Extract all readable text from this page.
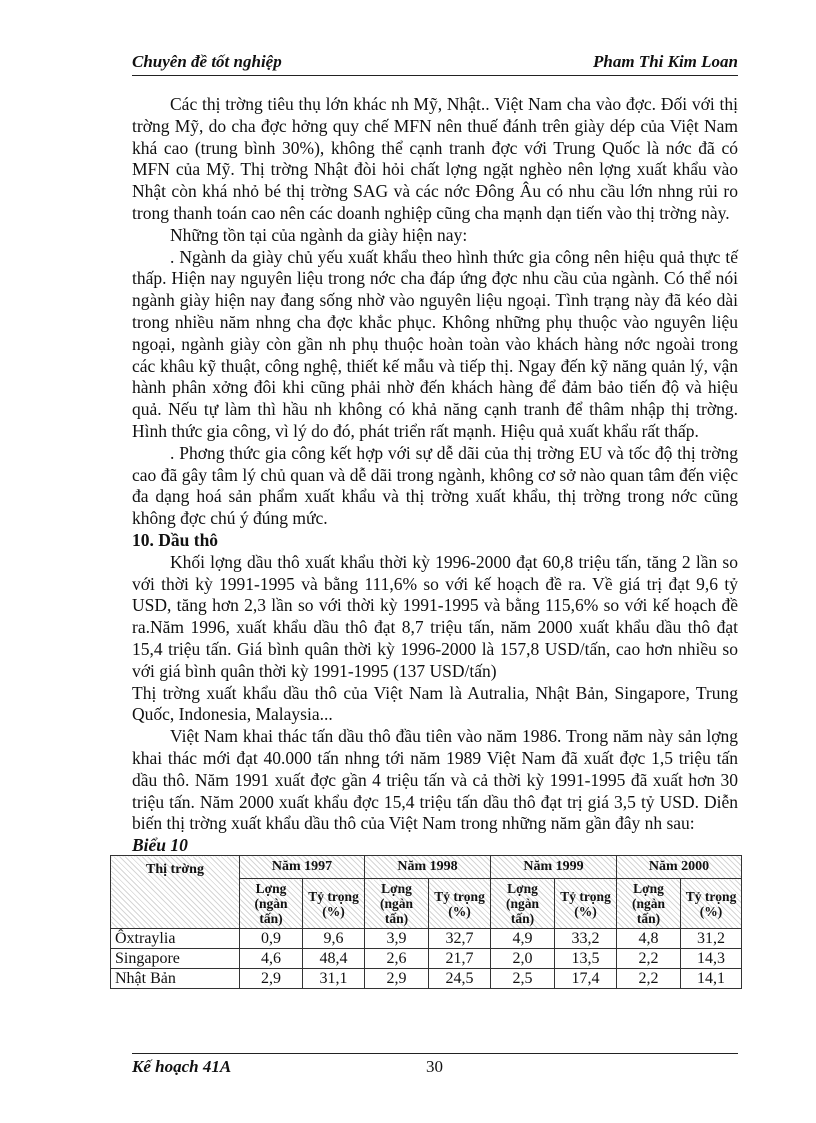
Chuyên đề tốt nghiệp	Pham Thi Kim Loan

Các thị trờng tiêu thụ lớn khác nh Mỹ, Nhật.. Việt Nam cha vào đợc. Đối với thị trờng Mỹ, do cha đợc hởng quy chế MFN nên thuế đánh trên giày dép của Việt Nam khá cao (trung bình 30%), không thể cạnh tranh đợc với Trung Quốc là nớc đã có MFN của Mỹ. Thị trờng Nhật đòi hỏi chất lợng ngặt nghèo nên lợng xuất khẩu vào Nhật còn khá nhỏ bé thị trờng SAG và các nớc Đông Âu có nhu cầu lớn nhng rủi ro trong thanh toán cao nên các doanh nghiệp cũng cha mạnh dạn tiến vào thị trờng này.

Những tồn tại của ngành da giày hiện nay:

. Ngành da giày chủ yếu xuất khẩu theo hình thức gia công nên hiệu quả thực tế thấp. Hiện nay nguyên liệu trong nớc cha đáp ứng đợc nhu cầu của ngành. Có thể nói ngành giày hiện nay đang sống nhờ vào nguyên liệu ngoại. Tình trạng này đã kéo dài trong nhiều năm nhng cha đợc khắc phục. Không những phụ thuộc vào nguyên liệu ngoại, ngành giày còn gần nh phụ thuộc hoàn toàn vào khách hàng nớc ngoài trong các khâu kỹ thuật, công nghệ, thiết kế mẫu và tiếp thị. Ngay đến kỹ năng quản lý, vận hành phân xởng đôi khi cũng phải nhờ đến khách hàng để đảm bảo tiến độ và hiệu quả. Nếu tự làm thì hầu nh không có khả năng cạnh tranh để thâm nhập thị trờng. Hình thức gia công, vì lý do đó, phát triển rất mạnh. Hiệu quả xuất khẩu rất thấp.

. Phơng thức gia công kết hợp với sự dễ dãi của thị trờng EU và tốc độ thị trờng cao đã gây tâm lý chủ quan và dễ dãi trong ngành, không cơ sở nào quan tâm đến việc đa dạng hoá sản phẩm xuất khẩu và thị trờng xuất khẩu, thị trờng trong nớc cũng không đợc chú ý đúng mức.

10. Dầu thô

Khối lợng dầu thô xuất khẩu thời kỳ 1996-2000 đạt 60,8 triệu tấn, tăng 2 lần so với thời kỳ 1991-1995 và bằng 111,6% so với kế hoạch đề ra. Về giá trị đạt 9,6 tỷ USD, tăng hơn 2,3 lần so với thời kỳ 1991-1995 và bằng 115,6% so với kế hoạch đề ra.Năm 1996, xuất khẩu dầu thô đạt 8,7 triệu tấn, năm 2000 xuất khẩu dầu thô đạt 15,4 triệu tấn. Giá bình quân thời kỳ 1996-2000 là 157,8 USD/tấn, cao hơn nhiều so với giá bình quân thời kỳ 1991-1995 (137 USD/tấn)

Thị trờng xuất khẩu dầu thô của Việt Nam là Autralia, Nhật Bản, Singapore, Trung Quốc, Indonesia, Malaysia...

Việt Nam khai thác tấn dầu thô đầu tiên vào năm 1986. Trong năm này sản lợng khai thác mới đạt 40.000 tấn nhng tới năm 1989 Việt Nam đã xuất đợc 1,5 triệu tấn dầu thô. Năm 1991 xuất đợc gần 4 triệu tấn và cả thời kỳ 1991-1995 đã xuất hơn 30 triệu tấn. Năm 2000 xuất khẩu đợc 15,4 triệu tấn dầu thô đạt trị giá 3,5 tỷ USD. Diễn biến thị trờng xuất khẩu dầu thô của Việt Nam trong những năm gần đây nh sau:

Biểu 10

Thị trờng	Năm 1997		Năm 1998		Năm 1999		Năm 2000	
	Lợng (ngàn tấn)	Tỷ trọng (%)	Lợng (ngàn tấn)	Tỷ trọng (%)	Lợng (ngàn tấn)	Tỷ trọng (%)	Lợng (ngàn tấn)	Tỷ trọng (%)
Ôxtraylia	0,9	9,6	3,9	32,7	4,9	33,2	4,8	31,2
Singapore	4,6	48,4	2,6	21,7	2,0	13,5	2,2	14,3
Nhật Bản	2,9	31,1	2,9	24,5	2,5	17,4	2,2	14,1
Kế hoạch 41A	30
